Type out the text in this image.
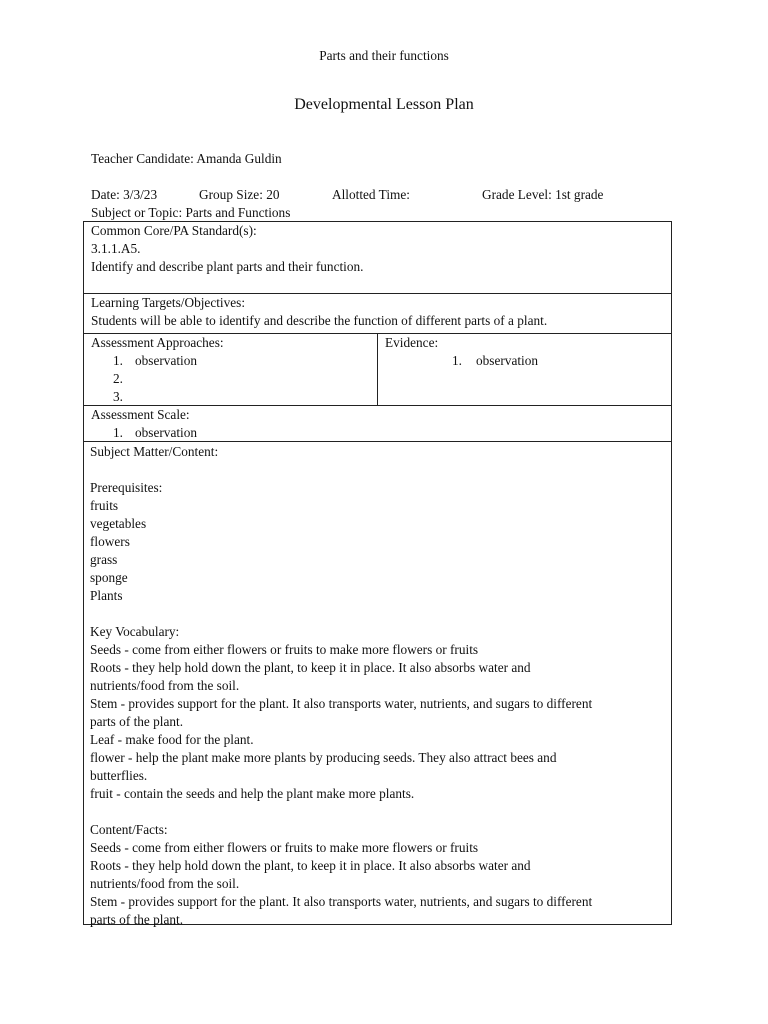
Parts and their functions
Developmental Lesson Plan
Teacher Candidate: Amanda Guldin
Date: 3/3/23	Group Size: 20	Allotted Time:	Grade Level: 1st grade
Subject or Topic: Parts and Functions
Common Core/PA Standard(s):
3.1.1.A5.
Identify and describe plant parts and their function.
Learning Targets/Objectives:
Students will be able to identify and describe the function of different parts of a plant.
Assessment Approaches:
1. observation
2.
3.
Evidence:
1. observation
Assessment Scale:
1. observation
Subject Matter/Content:
Prerequisites:
fruits
vegetables
flowers
grass
sponge
Plants
Key Vocabulary:
Seeds - come from either flowers or fruits to make more flowers or fruits
Roots - they help hold down the plant, to keep it in place. It also absorbs water and
nutrients/food from the soil.
Stem - provides support for the plant. It also transports water, nutrients, and sugars to different
parts of the plant.
Leaf - make food for the plant.
flower - help the plant make more plants by producing seeds. They also attract bees and
butterflies.
fruit - contain the seeds and help the plant make more plants.
Content/Facts:
Seeds - come from either flowers or fruits to make more flowers or fruits
Roots - they help hold down the plant, to keep it in place. It also absorbs water and
nutrients/food from the soil.
Stem - provides support for the plant. It also transports water, nutrients, and sugars to different
parts of the plant.
